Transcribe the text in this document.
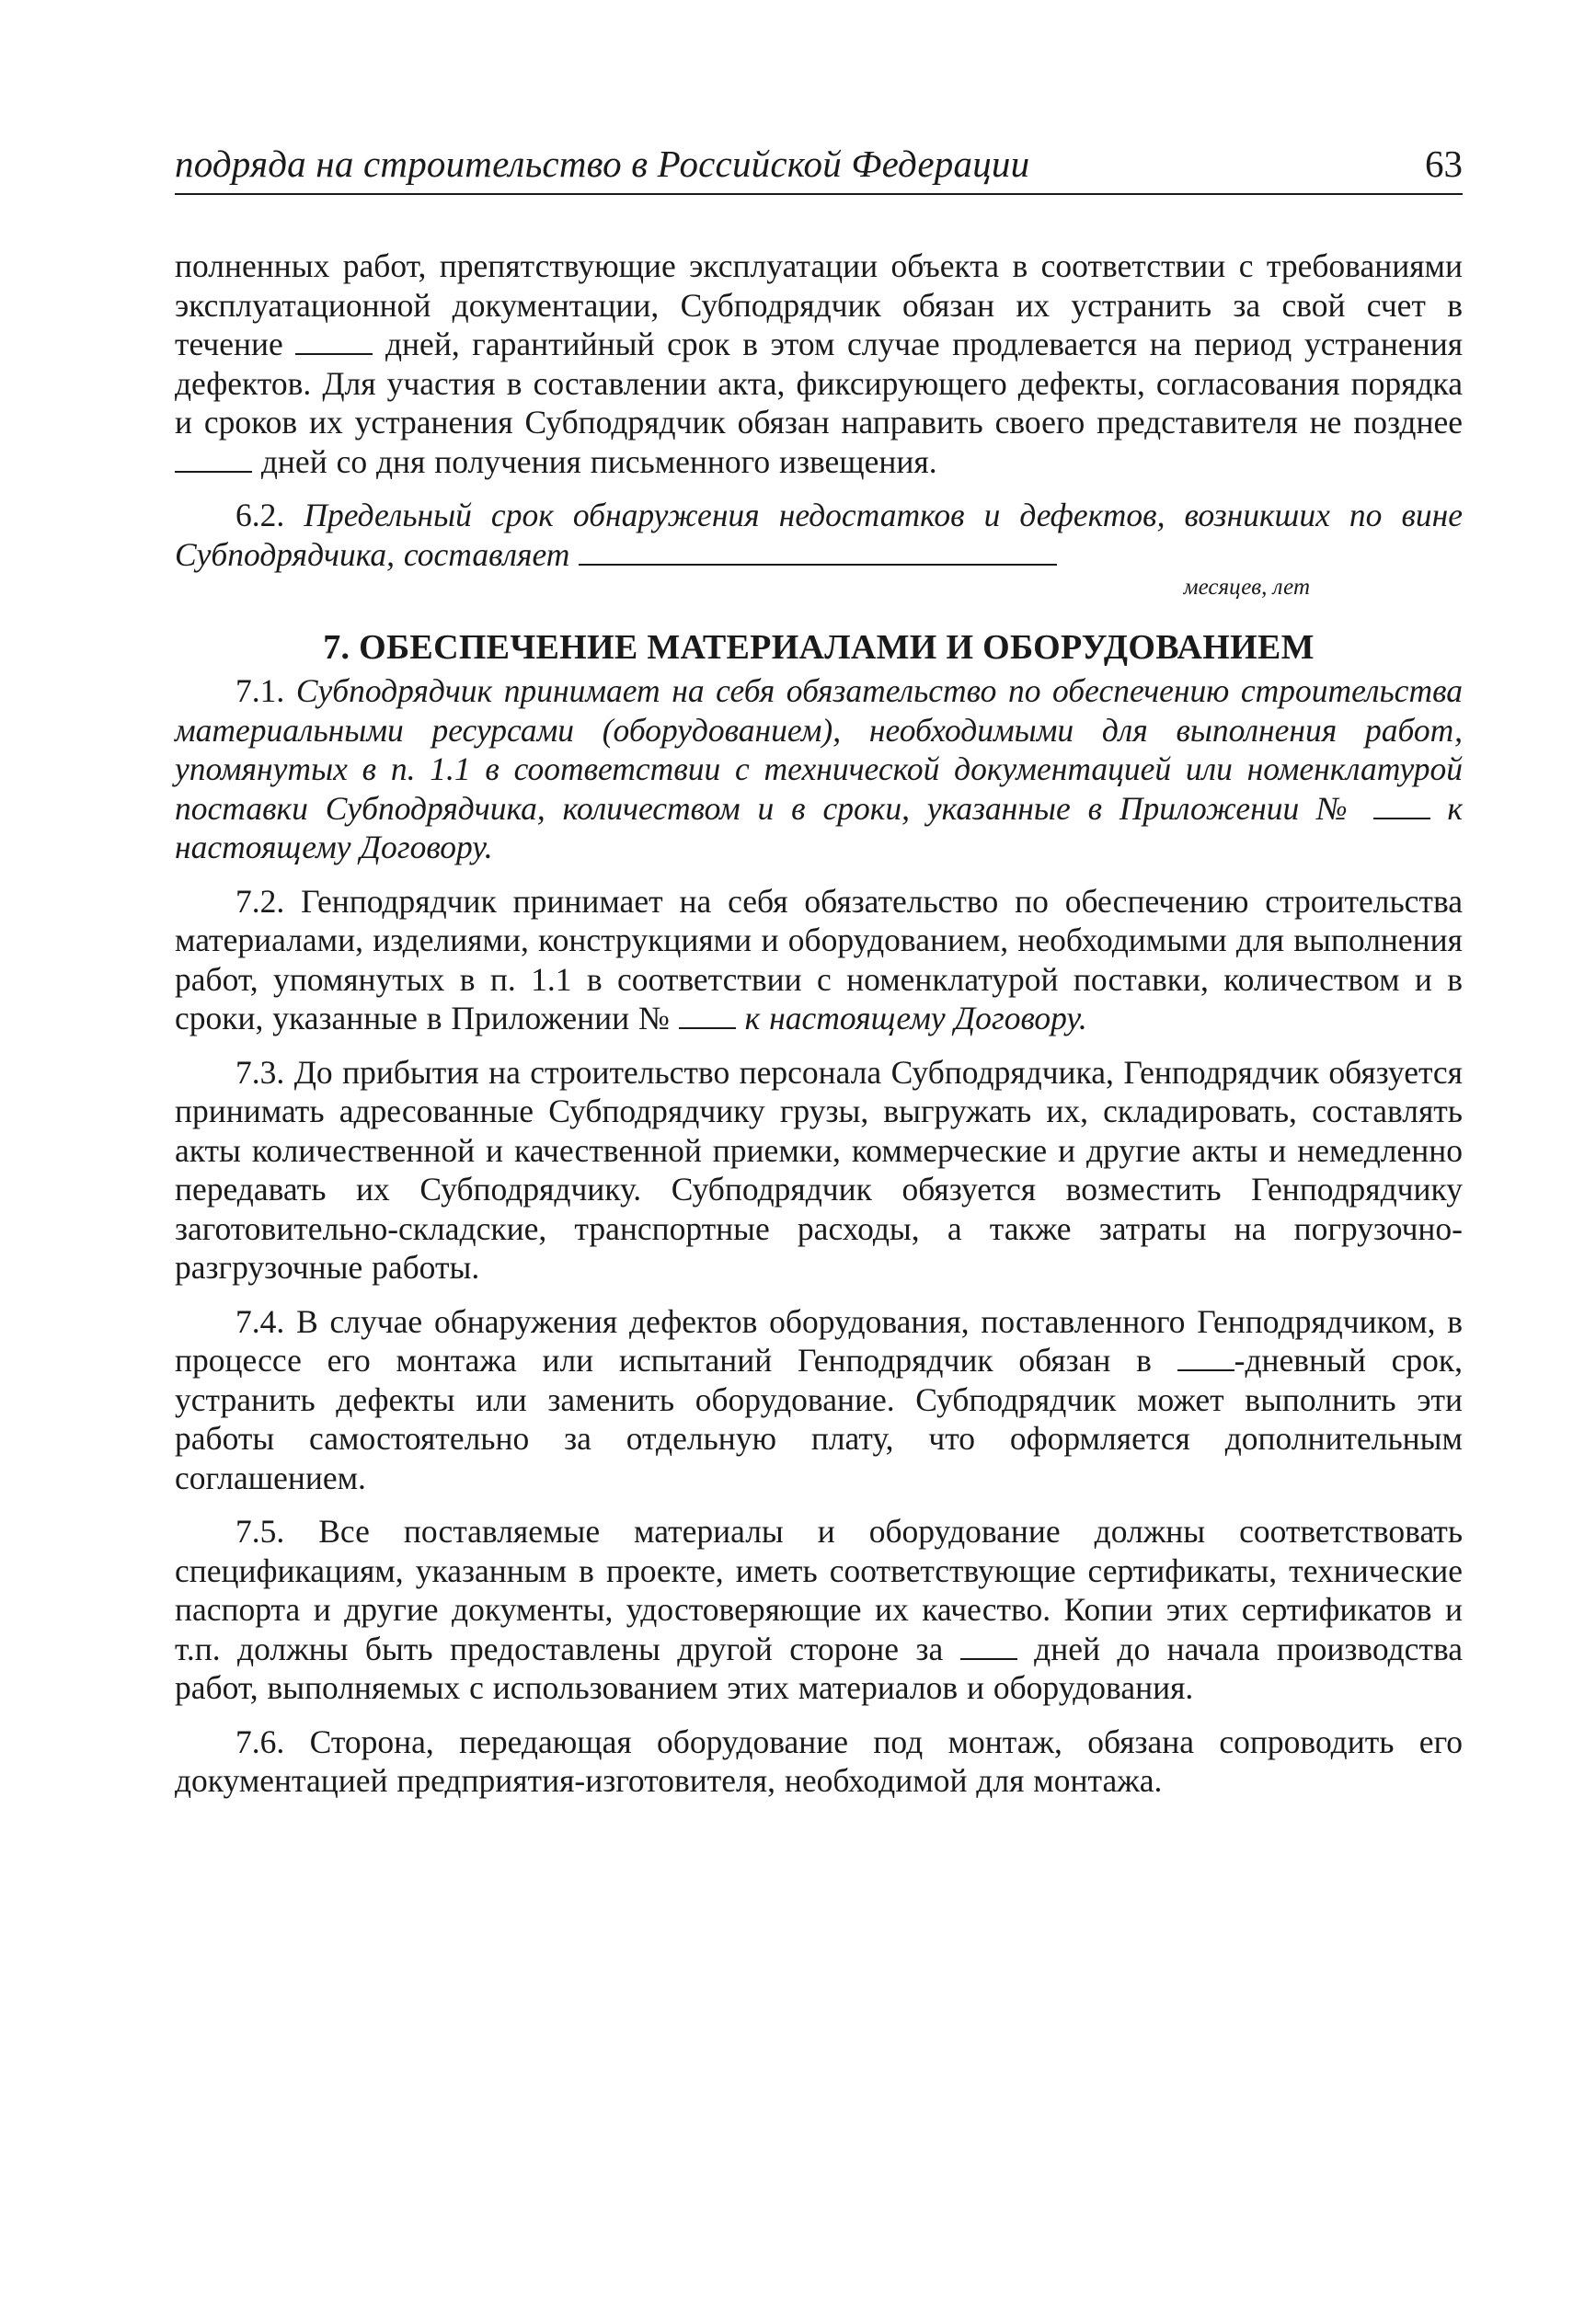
подряда на строительство в Российской Федерации	63

полненных работ, препятствующие эксплуатации объекта в соответствии с требованиями эксплуатационной документации, Субподрядчик обязан их устранить за свой счет в течение	дней, гарантийный срок в этом случае продлевается на период устранения дефектов. Для участия в составлении акта, фиксирующего дефекты, согласования порядка и сроков их устранения Субподрядчик обязан направить своего представителя не позднее  дней со дня получения письменного извещения.

6.2. Предельный срок обнаружения недостатков и дефектов, возникших по вине Субподрядчика, составляет

месяцев, лет
7. ОБЕСПЕЧЕНИЕ МАТЕРИАЛАМИ И ОБОРУДОВАНИЕМ

7.1. Субподрядчик принимает на себя обязательство по обеспечению строительства материальными ресурсами (оборудованием), необходимыми для выполнения работ, упомянутых в п. 1.1 в соответствии с технической документацией или номенклатурой поставки Субподрядчика, количеством и в сроки, указанные в Приложении №	к настоящему Договору.

7.2. Генподрядчик принимает на себя обязательство по обеспечению строительства материалами, изделиями, конструкциями и оборудованием, необходимыми для выполнения работ, упомянутых в п. 1.1 в соответствии с номенклатурой поставки, количеством и в сроки, указанные в Приложении № к настоящему Договору.

7.3. До прибытия на строительство персонала Субподрядчика, Генподрядчик обязуется принимать адресованные Субподрядчику грузы, выгружать их, складировать, составлять акты количественной и качественной приемки, коммерческие и другие акты и немедленно передавать их Субподрядчику. Субподрядчик обязуется возместить Генподрядчику заготовительно-складские, транспортные расходы, а также затраты на погрузочно-разгрузочные работы.

7.4. В случае обнаружения дефектов оборудования, поставленного Генподрядчиком, в процессе его монтажа или испытаний Генподрядчик обязан в	-дневный срок, устранить дефекты или заменить оборудование. Субподрядчик может выполнить эти работы самостоятельно за отдельную плату, что оформляется дополнительным соглашением.

7.5. Все поставляемые материалы и оборудование должны соответствовать спецификациям, указанным в проекте, иметь соответствующие сертификаты, технические паспорта и другие документы, удостоверяющие их качество. Копии этих сертификатов и т.п. должны быть предоставлены другой стороне за	дней до начала производства работ, выполняемых с использованием этих материалов и оборудования.

7.6. Сторона, передающая оборудование под монтаж, обязана сопроводить его документацией предприятия-изготовителя, необходимой для монтажа.
